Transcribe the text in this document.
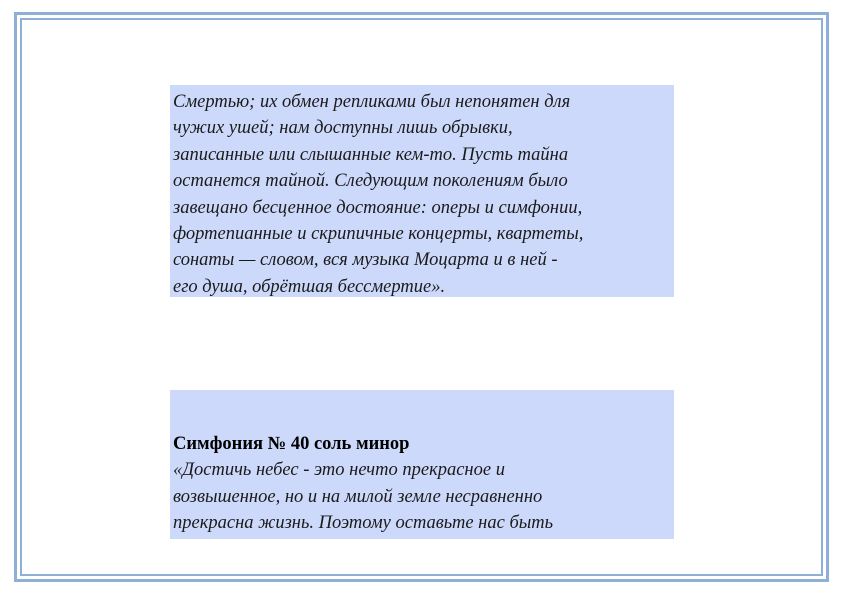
Смертью; их обмен репликами был непонятен для
чужих ушей; нам доступны лишь обрывки,
записанные или слышанные кем-то. Пусть тайна
останется тайной. Следующим поколениям было
завещано бесценное достояние: оперы и симфонии,
фортепианные и скрипичные концерты, квартеты,
сонаты — словом, вся музыка Моцарта и в ней -
его душа, обрётшая бессмертие».
Симфония № 40 соль минор
«Достичь небес - это нечто прекрасное и
возвышенное, но и на милой земле несравненно
прекрасна жизнь. Поэтому оставьте нас быть
